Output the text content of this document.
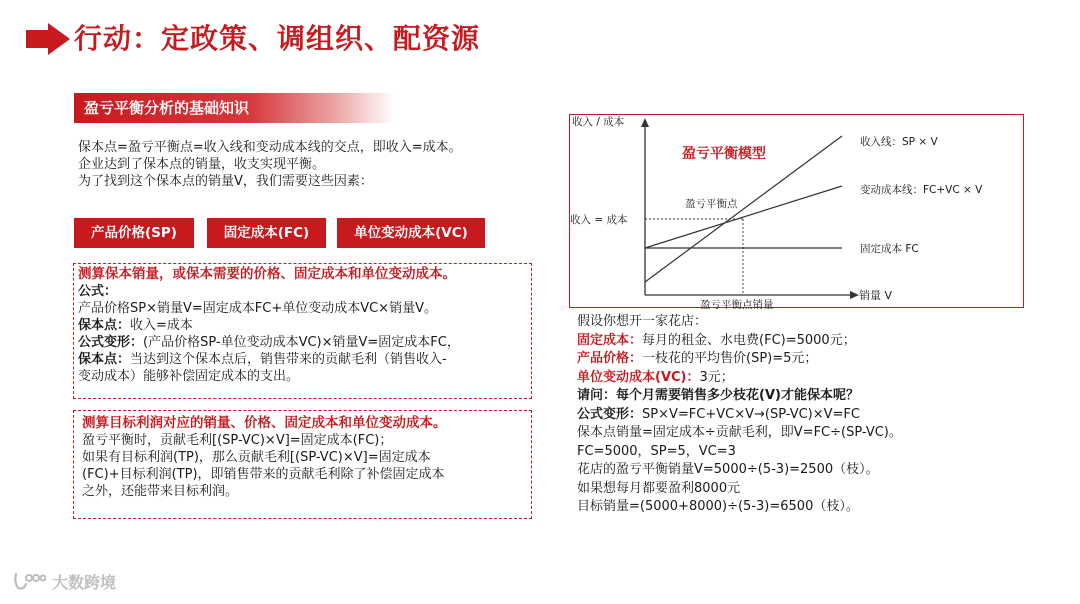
行动：定政策、调组织、配资源
盈亏平衡分析的基础知识
保本点=盈亏平衡点=收入线和变动成本线的交点，即收入=成本。
企业达到了保本点的销量，收支实现平衡。
为了找到这个保本点的销量V，我们需要这些因素：
产品价格(SP)	固定成本(FC)	单位变动成本(VC)
测算保本销量，或保本需要的价格、固定成本和单位变动成本。
公式：
产品价格SP×销量V=固定成本FC+单位变动成本VC×销量V。
保本点：收入=成本
公式变形：(产品价格SP-单位变动成本VC)×销量V=固定成本FC，
保本点：当达到这个保本点后，销售带来的贡献毛利（销售收入-
变动成本）能够补偿固定成本的支出。
测算目标利润对应的销量、价格、固定成本和单位变动成本。
盈亏平衡时，贡献毛利[(SP-VC)×V]=固定成本(FC)；
如果有目标利润(TP)，那么贡献毛利[(SP-VC)×V]=固定成本
(FC)+目标利润(TP)，即销售带来的贡献毛利除了补偿固定成本
之外，还能带来目标利润。
收入 / 成本
销量 V
盈亏平衡模型
收入 = 成本
盈亏平衡点
盈亏平衡点销量
收入线：SP × V
变动成本线：FC+VC × V
固定成本 FC
假设你想开一家花店：
固定成本：每月的租金、水电费(FC)=5000元；
产品价格：一枝花的平均售价(SP)=5元；
单位变动成本(VC)：3元；
请问：每个月需要销售多少枝花(V)才能保本呢？
公式变形：SP×V=FC+VC×V→(SP-VC)×V=FC
保本点销量=固定成本÷贡献毛利，即V=FC÷(SP-VC)。
FC=5000，SP=5，VC=3
花店的盈亏平衡销量V=5000÷(5-3)=2500（枝）。
如果想每月都要盈利8000元
目标销量=(5000+8000)÷(5-3)=6500（枝）。
大数跨境
